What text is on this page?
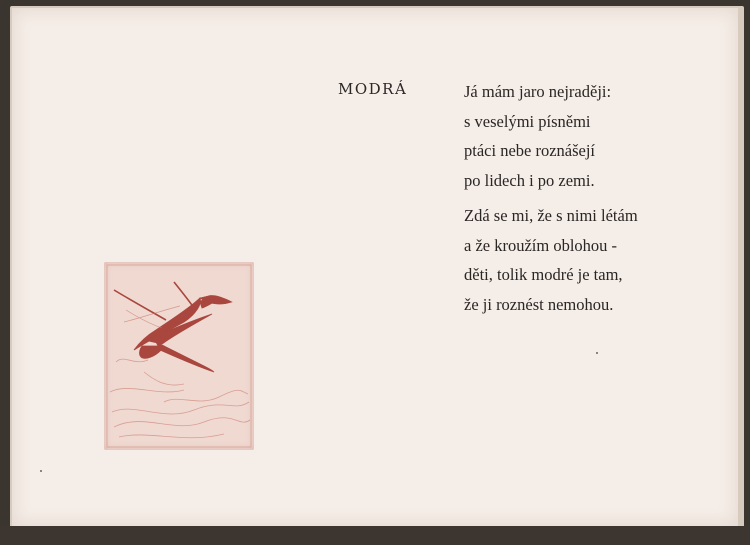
MODRÁ	Já mám jaro nejraději:
s veselými písněmi
ptáci nebe roznášejí
po lidech i po zemi.
Zdá se mi, že s nimi létám
a že kroužím oblohou -
děti, tolik modré je tam,
že ji roznést nemohou.
